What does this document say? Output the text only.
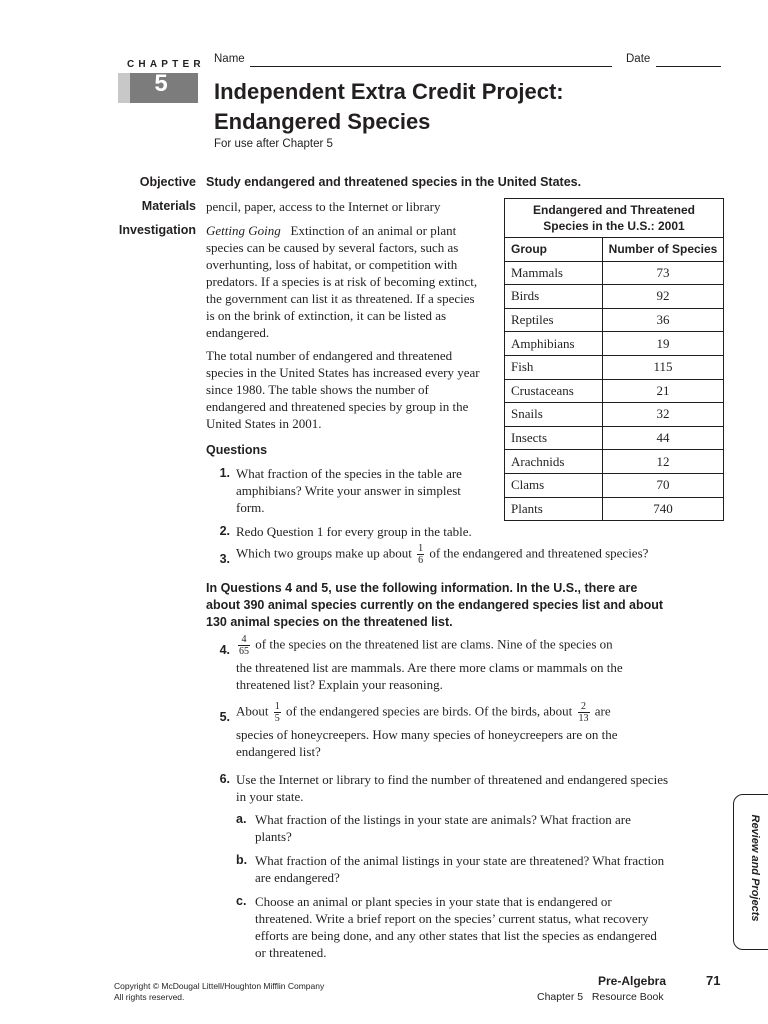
CHAPTER
5
Name	Date
Independent Extra Credit Project:
Endangered Species
For use after Chapter 5
Objective Study endangered and threatened species in the United States.
Materials pencil, paper, access to the Internet or library
Investigation Getting Going Extinction of an animal or plant species can be caused by several factors, such as overhunting, loss of habitat, or competition with predators. If a species is at risk of becoming extinct, the government can list it as threatened. If a species is on the brink of extinction, it can be listed as endangered.
The total number of endangered and threatened species in the United States has increased every year since 1980. The table shows the number of endangered and threatened species by group in the United States in 2001.
Endangered and Threatened Species in the U.S.: 2001	
Group	Number of Species
Mammals	73
Birds	92
Reptiles	36
Amphibians	19
Fish	115
Crustaceans	21
Snails	32
Insects	44
Arachnids	12
Clams	70
Plants	740
Questions
1. What fraction of the species in the table are amphibians? Write your answer in simplest form.
2. Redo Question 1 for every group in the table.
3. Which two groups make up about $\frac{1}{6}$ of the endangered and threatened species?
In Questions 4 and 5, use the following information. In the U.S., there are about 390 animal species currently on the endangered species list and about 130 animal species on the threatened list.
4. $\frac{4}{65}$ of the species on the threatened list are clams. Nine of the species on
the threatened list are mammals. Are there more clams or mammals on the threatened list? Explain your reasoning.
5. About $\frac{1}{5}$ of the endangered species are birds. Of the birds, about $\frac{2}{13}$ are
species of honeycreepers. How many species of honeycreepers are on the endangered list?
6. Use the Internet or library to find the number of threatened and endangered species in your state.
a. What fraction of the listings in your state are animals? What fraction are plants?
b. What fraction of the animal listings in your state are threatened? What fraction are endangered?
c. Choose an animal or plant species in your state that is endangered or threatened. Write a brief report on the species’ current status, what recovery efforts are being done, and any other states that list the species as endangered or threatened.
Review and Projects
Copyright © McDougal Littell/Houghton Mifflin Company
All rights reserved.
Pre-Algebra	71
Chapter 5   Resource Book
